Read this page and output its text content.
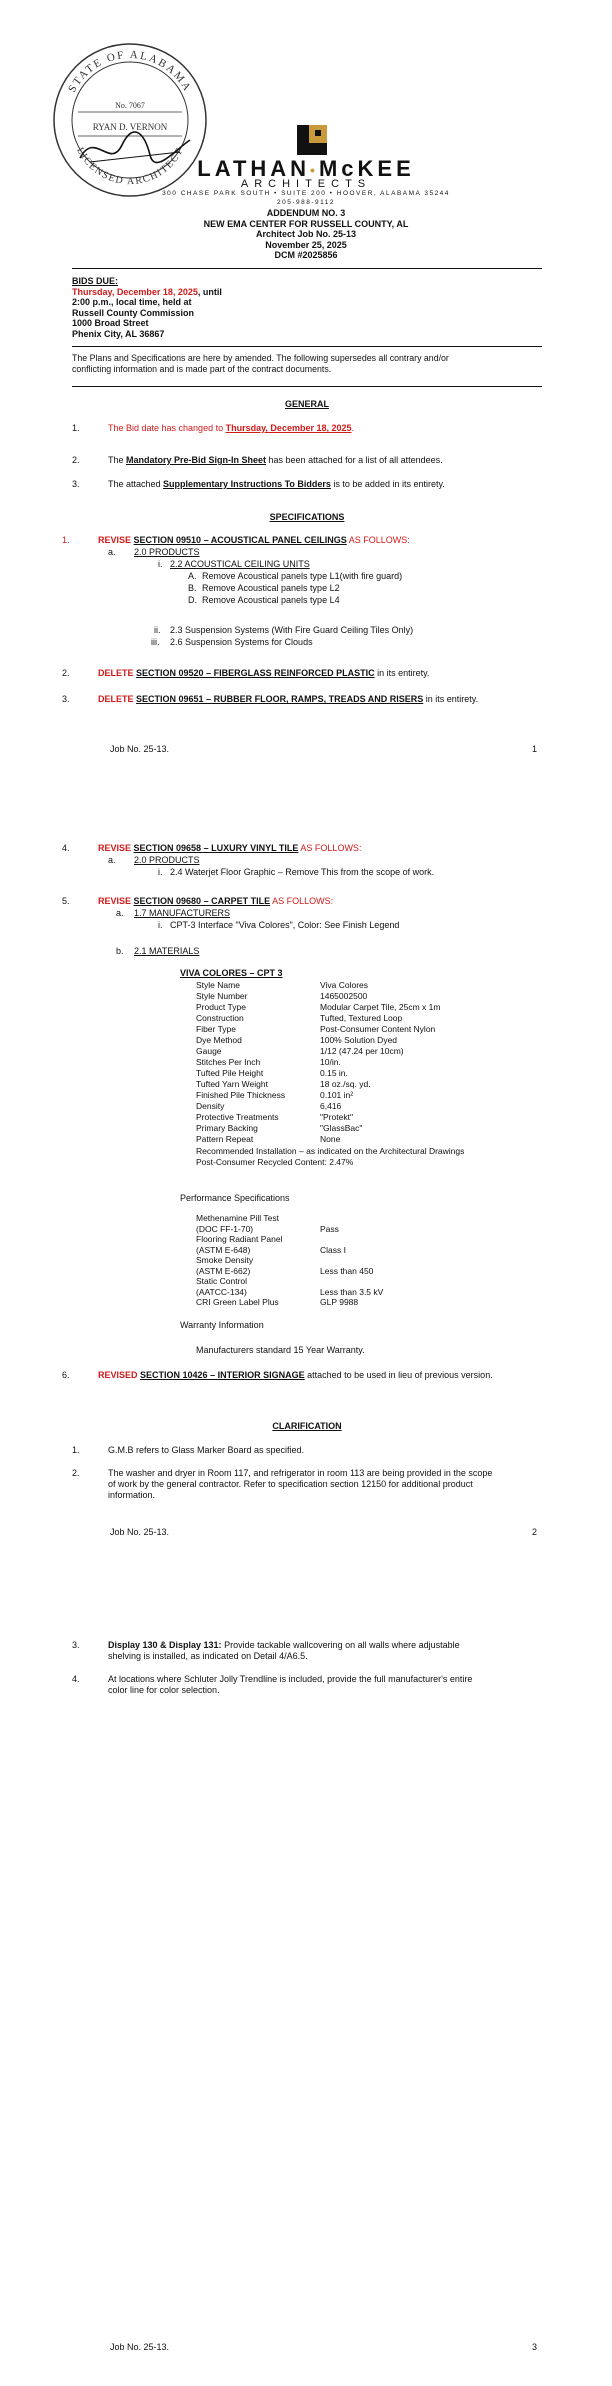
STATE OF ALABAMA
LICENSED ARCHITECT
No. 7067
RYAN D. VERNON
LATHAN•McKEE
ARCHITECTS
300 CHASE PARK SOUTH • SUITE 200 • HOOVER, ALABAMA 35244
205-988-9112
ADDENDUM NO. 3
NEW EMA CENTER FOR RUSSELL COUNTY, AL
Architect Job No. 25-13
November 25, 2025
DCM #2025856
BIDS DUE:
Thursday, December 18, 2025, until
2:00 p.m., local time, held at
Russell County Commission
1000 Broad Street
Phenix City, AL 36867
The Plans and Specifications are here by amended. The following supersedes all contrary and/or
conflicting information and is made part of the contract documents.
GENERAL
1.	The Bid date has changed to Thursday, December 18, 2025.
2.	The Mandatory Pre-Bid Sign-In Sheet has been attached for a list of all attendees.
3.	The attached Supplementary Instructions To Bidders is to be added in its entirety.
SPECIFICATIONS
1.	REVISE SECTION 09510 – ACOUSTICAL PANEL CEILINGS AS FOLLOWS:
a. 2.0 PRODUCTS
i. 2.2 ACOUSTICAL CEILING UNITS
A. Remove Acoustical panels type L1(with fire guard)
B. Remove Acoustical panels type L2
D. Remove Acoustical panels type L4
ii. 2.3 Suspension Systems (With Fire Guard Ceiling Tiles Only)
iii. 2.6 Suspension Systems for Clouds
2.	DELETE SECTION 09520 – FIBERGLASS REINFORCED PLASTIC in its entirety.
3.	DELETE SECTION 09651 – RUBBER FLOOR, RAMPS, TREADS AND RISERS in its entirety.
Job No. 25-13.	1
4.	REVISE SECTION 09658 – LUXURY VINYL TILE AS FOLLOWS:
a. 2.0 PRODUCTS
i. 2.4 Waterjet Floor Graphic – Remove This from the scope of work.
5.	REVISE SECTION 09680 – CARPET TILE AS FOLLOWS:
a. 1.7 MANUFACTURERS
i. CPT-3 Interface "Viva Colores", Color: See Finish Legend
b. 2.1 MATERIALS
VIVA COLORES – CPT 3
Style Name	Viva Colores
Style Number	1465002500
Product Type	Modular Carpet Tile, 25cm x 1m
Construction	Tufted, Textured Loop
Fiber Type	Post-Consumer Content Nylon
Dye Method	100% Solution Dyed
Gauge	1/12 (47.24 per 10cm)
Stitches Per Inch	10/in.
Tufted Pile Height	0.15 in.
Tufted Yarn Weight	18 oz./sq. yd.
Finished Pile Thickness	0.101 in²
Density	6,416
Protective Treatments	"Protekt"
Primary Backing	"GlassBac"
Pattern Repeat	None
Recommended Installation – as indicated on the Architectural Drawings
Post-Consumer Recycled Content: 2.47%
Performance Specifications
Methenamine Pill Test	
(DOC FF-1-70)	Pass
Flooring Radiant Panel	
(ASTM E-648)	Class I
Smoke Density	
(ASTM E-662)	Less than 450
Static Control	
(AATCC-134)	Less than 3.5 kV
CRI Green Label Plus	GLP 9988
Warranty Information
Manufacturers standard 15 Year Warranty.
6.	REVISED SECTION 10426 – INTERIOR SIGNAGE attached to be used in lieu of previous version.
CLARIFICATION
1.	G.M.B refers to Glass Marker Board as specified.
2.	The washer and dryer in Room 117, and refrigerator in room 113 are being provided in the scope
of work by the general contractor. Refer to specification section 12150 for additional product
information.
Job No. 25-13.	2
3.	Display 130 & Display 131: Provide tackable wallcovering on all walls where adjustable
shelving is installed, as indicated on Detail 4/A6.5.
4.	At locations where Schluter Jolly Trendline is included, provide the full manufacturer's entire
color line for color selection.
Job No. 25-13.	3
